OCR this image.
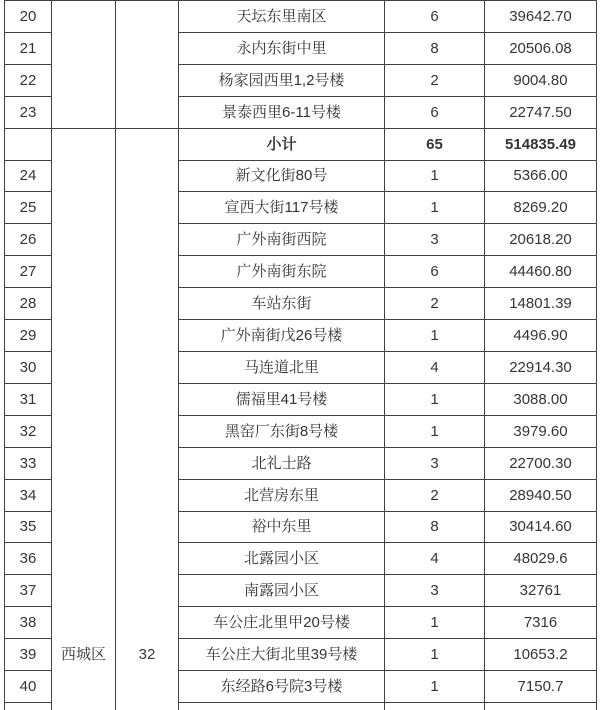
西城区	32
20	天坛东里南区	6	39642.70
21	永内东街中里	8	20506.08
22	杨家园西里1,2号楼	2	9004.80
23	景泰西里6-11号楼	6	22747.50
小计	65	514835.49
24	新文化街80号	1	5366.00
25	宣西大街117号楼	1	8269.20
26	广外南街西院	3	20618.20
27	广外南街东院	6	44460.80
28	车站东街	2	14801.39
29	广外南街戊26号楼	1	4496.90
30	马连道北里	4	22914.30
31	儒福里41号楼	1	3088.00
32	黑窑厂东街8号楼	1	3979.60
33	北礼士路	3	22700.30
34	北营房东里	2	28940.50
35	裕中东里	8	30414.60
36	北露园小区	4	48029.6
37	南露园小区	3	32761
38	车公庄北里甲20号楼	1	7316
39	车公庄大街北里39号楼	1	10653.2
40	东经路6号院3号楼	1	7150.7
